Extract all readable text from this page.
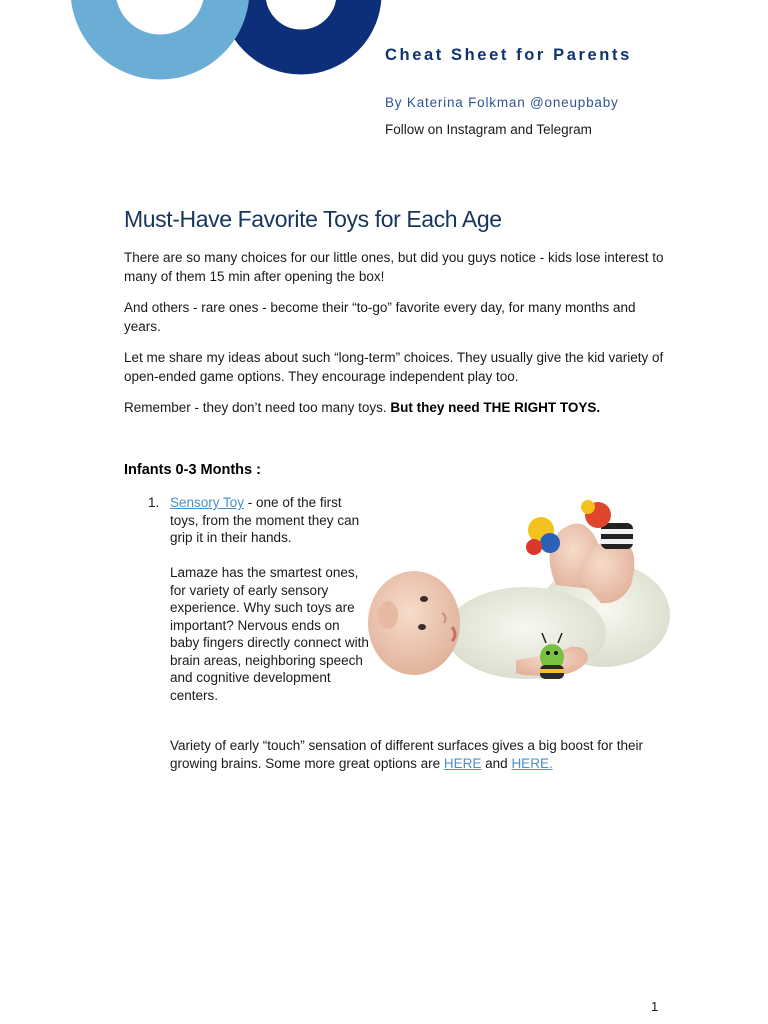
Cheat Sheet for Parents

By Katerina Folkman @oneupbaby

Follow on Instagram and Telegram

Must-Have Favorite Toys for Each Age

There are so many choices for our little ones, but did you guys notice - kids lose interest to many of them 15 min after opening the box!

And others - rare ones - become their “to-go” favorite every day, for many months and years.

Let me share my ideas about such “long-term” choices. They usually give the kid variety of open-ended game options. They encourage independent play too.

Remember - they don’t need too many toys. But they need THE RIGHT TOYS.

Infants 0-3 Months :
1. Sensory Toy - one of the first toys, from the moment they can grip it in their hands.

Lamaze has the smartest ones, for variety of early sensory experience. Why such toys are important? Nervous ends on baby fingers directly connect with brain areas, neighboring speech and cognitive development centers.

Variety of early “touch” sensation of different surfaces gives a big boost for their growing brains. Some more great options are HERE and HERE.

1
